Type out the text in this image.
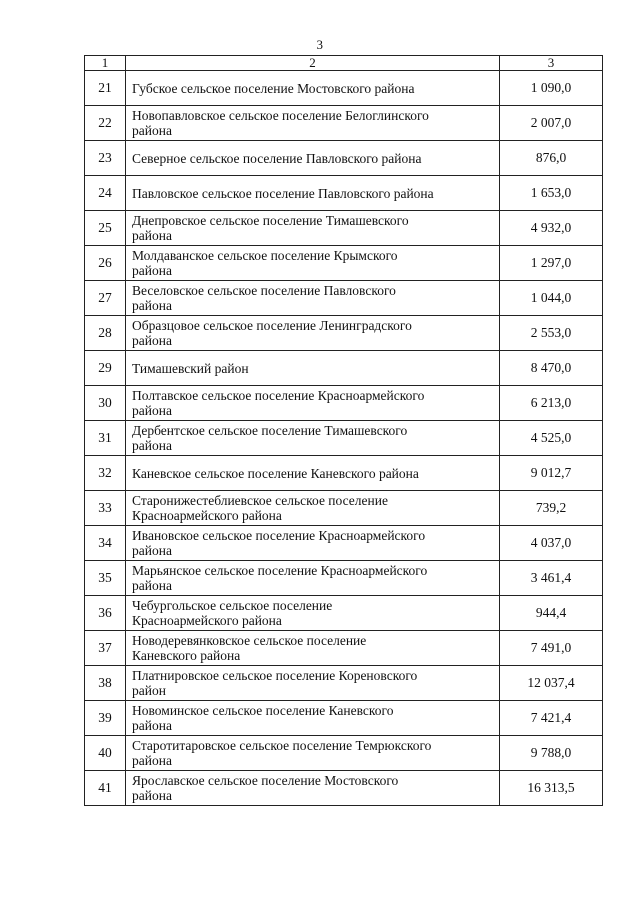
3
1	2	3
21	Губское сельское поселение Мостовского района	1 090,0
22	Новопавловское сельское поселение Белоглинского
района	2 007,0
23	Северное сельское поселение Павловского района	876,0
24	Павловское сельское поселение Павловского района	1 653,0
25	Днепровское сельское поселение Тимашевского
района	4 932,0
26	Молдаванское сельское поселение Крымского
района	1 297,0
27	Веселовское сельское поселение Павловского
района	1 044,0
28	Образцовое сельское поселение Ленинградского
района	2 553,0
29	Тимашевский район	8 470,0
30	Полтавское сельское поселение Красноармейского
района	6 213,0
31	Дербентское сельское поселение Тимашевского
района	4 525,0
32	Каневское сельское поселение Каневского района	9 012,7
33	Старонижестеблиевское сельское поселение
Красноармейского района	739,2
34	Ивановское сельское поселение Красноармейского
района	4 037,0
35	Марьянское сельское поселение Красноармейского
района	3 461,4
36	Чебургольское сельское поселение
Красноармейского района	944,4
37	Новодеревянковское сельское поселение
Каневского района	7 491,0
38	Платнировское сельское поселение Кореновского
район	12 037,4
39	Новоминское сельское поселение Каневского
района	7 421,4
40	Старотитаровское сельское поселение Темрюкского
района	9 788,0
41	Ярославское сельское поселение Мостовского
района	16 313,5
